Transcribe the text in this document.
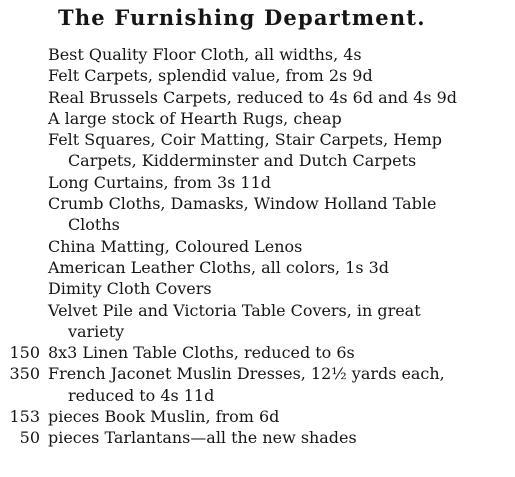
The Furnishing Department.
Best Quality Floor Cloth, all widths, 4s
Felt Carpets, splendid value, from 2s 9d
Real Brussels Carpets, reduced to 4s 6d and 4s 9d
A large stock of Hearth Rugs, cheap
Felt Squares, Coir Matting, Stair Carpets, Hemp
Carpets, Kidderminster and Dutch Carpets
Long Curtains, from 3s 11d
Crumb Cloths, Damasks, Window Holland Table
Cloths
China Matting, Coloured Lenos
American Leather Cloths, all colors, 1s 3d
Dimity Cloth Covers
Velvet Pile and Victoria Table Covers, in great
variety
150 8x3 Linen Table Cloths, reduced to 6s
350 French Jaconet Muslin Dresses, 12½ yards each,
reduced to 4s 11d
153 pieces Book Muslin, from 6d
50 pieces Tarlantans—all the new shades
